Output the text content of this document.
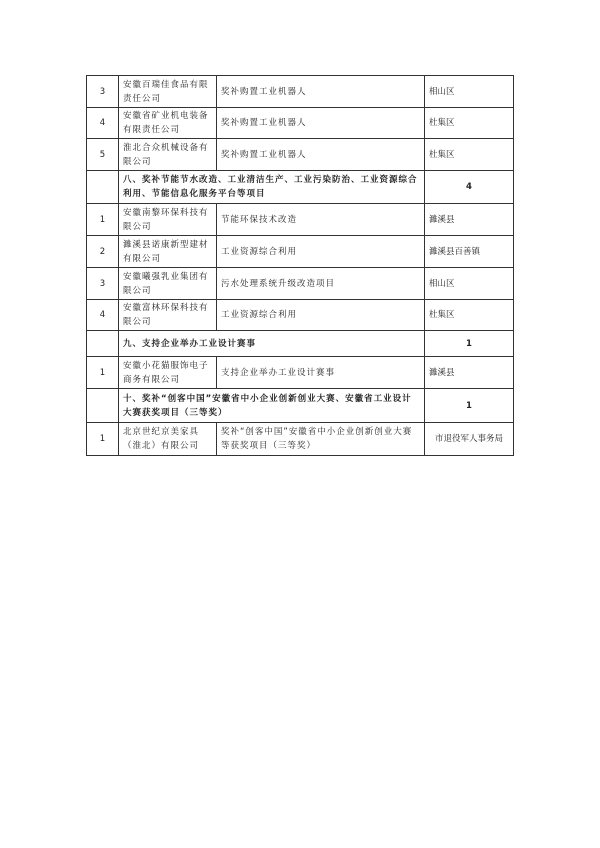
3	安徽百瑞佳食品有限责任公司	奖补购置工业机器人	相山区
4	安徽省矿业机电装备有限责任公司	奖补购置工业机器人	杜集区
5	淮北合众机械设备有限公司	奖补购置工业机器人	杜集区
	八、奖补节能节水改造、工业清洁生产、工业污染防治、工业资源综合利用、节能信息化服务平台等项目		4
1	安徽南黎环保科技有限公司	节能环保技术改造	濉溪县
2	濉溪县诺康新型建材有限公司	工业资源综合利用	濉溪县百善镇
3	安徽曦强乳业集团有限公司	污水处理系统升级改造项目	相山区
4	安徽富林环保科技有限公司	工业资源综合利用	杜集区
	九、支持企业举办工业设计赛事		1
1	安徽小花猫服饰电子商务有限公司	支持企业举办工业设计赛事	濉溪县
	十、奖补“创客中国”安徽省中小企业创新创业大赛、安徽省工业设计大赛获奖项目（三等奖）		1
1	北京世纪京美家具（淮北）有限公司	奖补“创客中国”安徽省中小企业创新创业大赛等获奖项目（三等奖）	市退役军人事务局
